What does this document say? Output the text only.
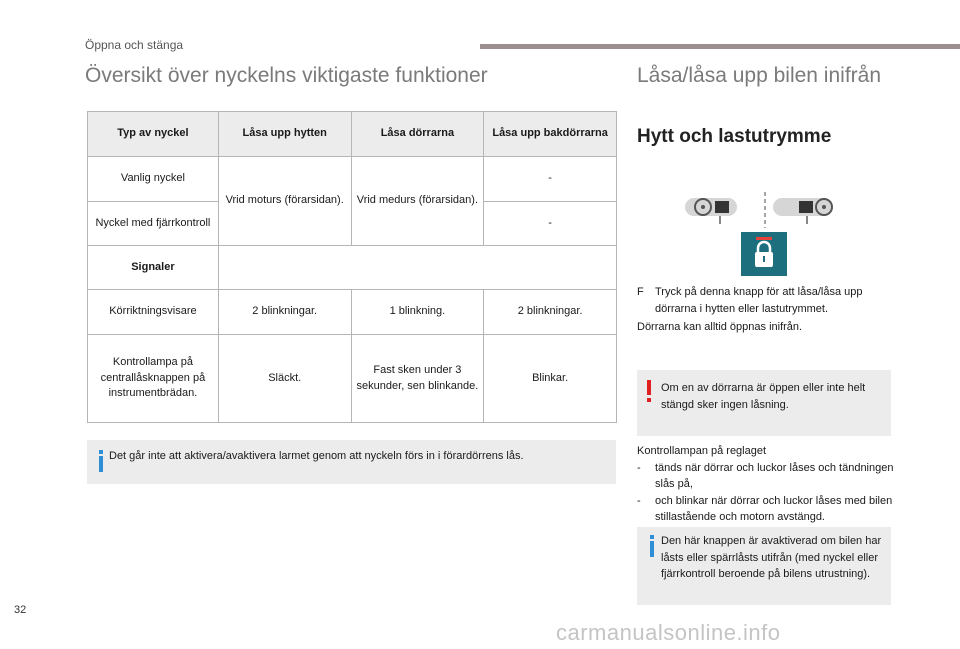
Öppna och stänga
Översikt över nyckelns viktigaste funktioner	Låsa/låsa upp bilen inifrån
Typ av nyckel	Låsa upp hytten	Låsa dörrarna	Låsa upp bakdörrarna
Vanlig nyckel	Vrid moturs (förarsidan).	Vrid medurs (förarsidan).	-
Nyckel med fjärrkontroll			-
Signaler			
Körriktningsvisare	2 blinkningar.	1 blinkning.	2 blinkningar.
Kontrollampa på centrallåsknappen på instrumentbrädan.	Släckt.	Fast sken under 3 sekunder, sen blinkande.	Blinkar.
Det går inte att aktivera/avaktivera larmet genom att nyckeln förs in i förardörrens lås.
Hytt och lastutrymme
F	Tryck på denna knapp för att låsa/låsa upp dörrarna i hytten eller lastutrymmet.
Dörrarna kan alltid öppnas inifrån.
Om en av dörrarna är öppen eller inte helt stängd sker ingen låsning.
Kontrollampan på reglaget
- tänds när dörrar och luckor låses och tändningen slås på,
- och blinkar när dörrar och luckor låses med bilen stillastående och motorn avstängd.
Den här knappen är avaktiverad om bilen har låsts eller spärrlåsts utifrån (med nyckel eller fjärrkontroll beroende på bilens utrustning).
32
carmanualsonline.info
